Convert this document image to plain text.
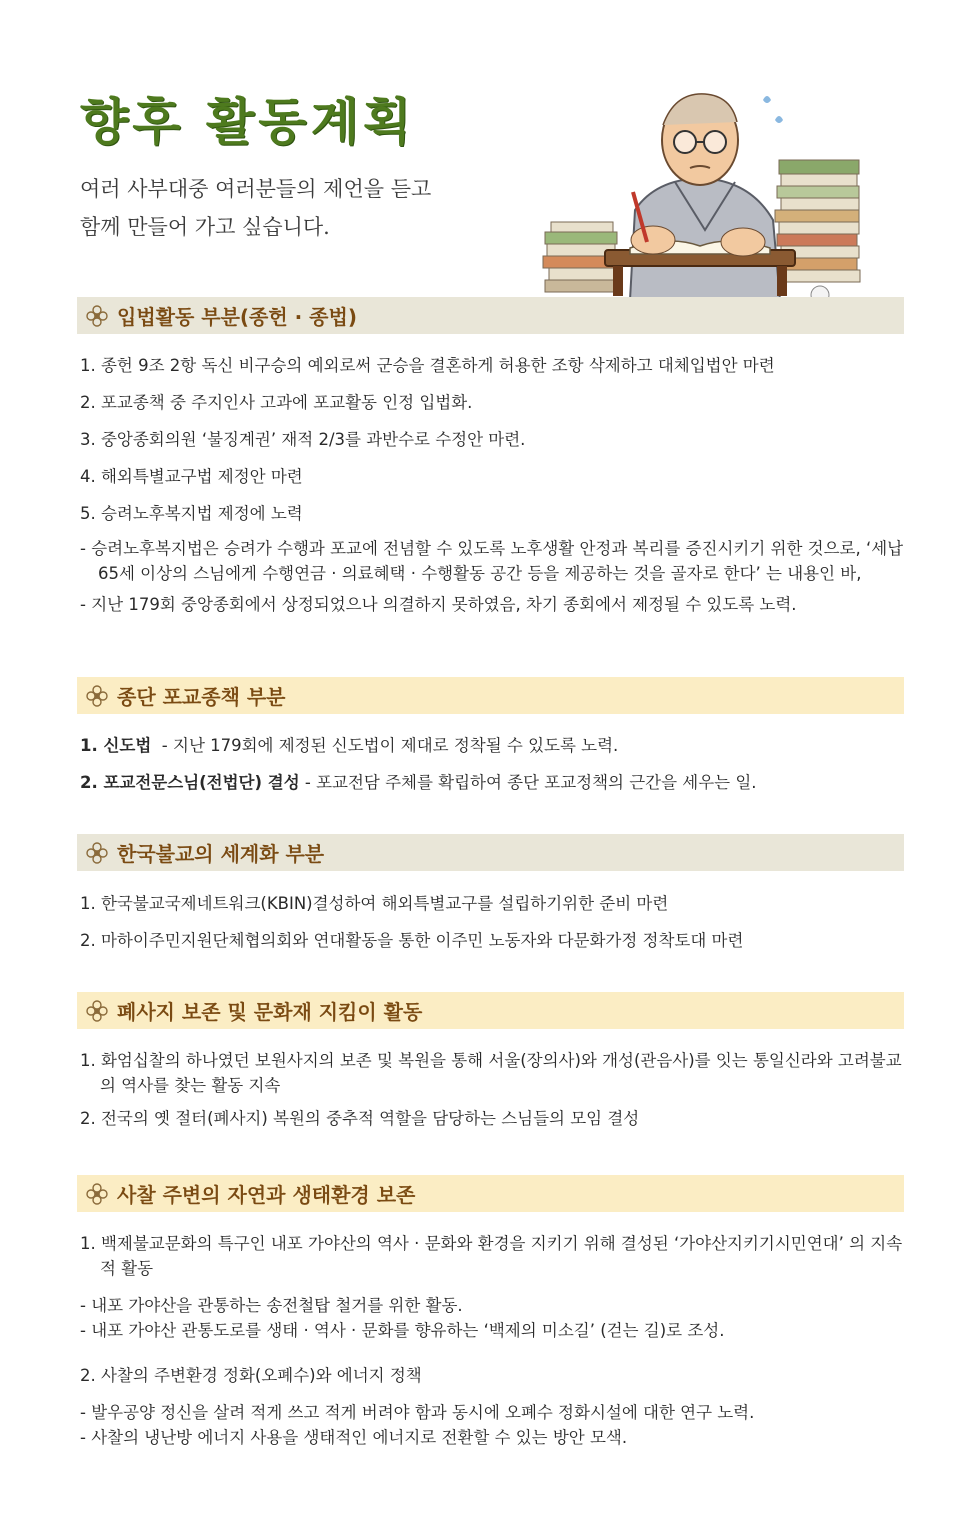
향후 활동계획
여러 사부대중 여러분들의 제언을 듣고
함께 만들어 가고 싶습니다.
입법활동 부분(종헌 · 종법)
1. 종헌 9조 2항 독신 비구승의 예외로써 군승을 결혼하게 허용한 조항 삭제하고 대체입법안 마련
2. 포교종책 중 주지인사 고과에 포교활동 인정 입법화.
3. 중앙종회의원 ‘불징계권’ 재적 2/3를 과반수로 수정안 마련.
4. 해외특별교구법 제정안 마련
5. 승려노후복지법 제정에 노력
- 승려노후복지법은 승려가 수행과 포교에 전념할 수 있도록 노후생활 안정과 복리를 증진시키기 위한 것으로, ‘세납 65세 이상의 스님에게 수행연금 · 의료혜택 · 수행활동 공간 등을 제공하는 것을 골자로 한다’ 는 내용인 바,
- 지난 179회 중앙종회에서 상정되었으나 의결하지 못하였음, 차기 종회에서 제정될 수 있도록 노력.
종단 포교종책 부분
1. 신도법  - 지난 179회에 제정된 신도법이 제대로 정착될 수 있도록 노력.
2. 포교전문스님(전법단) 결성 - 포교전담 주체를 확립하여 종단 포교정책의 근간을 세우는 일.
한국불교의 세계화 부분
1. 한국불교국제네트워크(KBIN)결성하여 해외특별교구를 설립하기위한 준비 마련
2. 마하이주민지원단체협의회와 연대활동을 통한 이주민 노동자와 다문화가정 정착토대 마련
폐사지 보존 및 문화재 지킴이 활동
1. 화엄십찰의 하나였던 보원사지의 보존 및 복원을 통해 서울(장의사)와 개성(관음사)를 잇는 통일신라와 고려불교의 역사를 찾는 활동 지속
2. 전국의 옛 절터(폐사지) 복원의 중추적 역할을 담당하는 스님들의 모임 결성
사찰 주변의 자연과 생태환경 보존
1. 백제불교문화의 특구인 내포 가야산의 역사 · 문화와 환경을 지키기 위해 결성된 ‘가야산지키기시민연대’ 의 지속적 활동
- 내포 가야산을 관통하는 송전철탑 철거를 위한 활동.
- 내포 가야산 관통도로를 생태 · 역사 · 문화를 향유하는 ‘백제의 미소길’ (걷는 길)로 조성.
2. 사찰의 주변환경 정화(오폐수)와 에너지 정책
- 발우공양 정신을 살려 적게 쓰고 적게 버려야 함과 동시에 오폐수 정화시설에 대한 연구 노력.
- 사찰의 냉난방 에너지 사용을 생태적인 에너지로 전환할 수 있는 방안 모색.
